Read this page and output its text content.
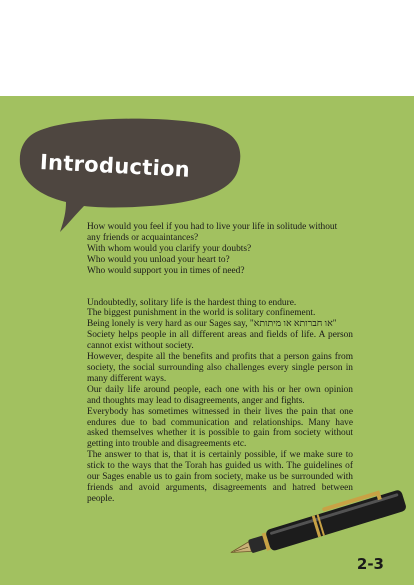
Introduction

How would you feel if you had to live your life in solitude without any friends or acquaintances?

With whom would you clarify your doubts?

Who would you unload your heart to?

Who would support you in times of need?

Undoubtedly, solitary life is the hardest thing to endure.

The biggest punishment in the world is solitary confinement.

Being lonely is very hard as our Sages say, "או חברותא או מיתותא"

Society helps people in all different areas and fields of life. A person cannot exist without society.

However, despite all the benefits and profits that a person gains from society, the social surrounding also challenges every single person in many different ways.

Our daily life around people, each one with his or her own opinion and thoughts may lead to disagreements, anger and fights.

Everybody has sometimes witnessed in their lives the pain that one endures due to bad communication and relationships. Many have asked themselves whether it is possible to gain from society without getting into trouble and disagreements etc.

The answer to that is, that it is certainly possible, if we make sure to stick to the ways that the Torah has guided us with. The guidelines of our Sages enable us to gain from society, make us be surrounded with friends and avoid arguments, disagreements and hatred between people.

2-3
